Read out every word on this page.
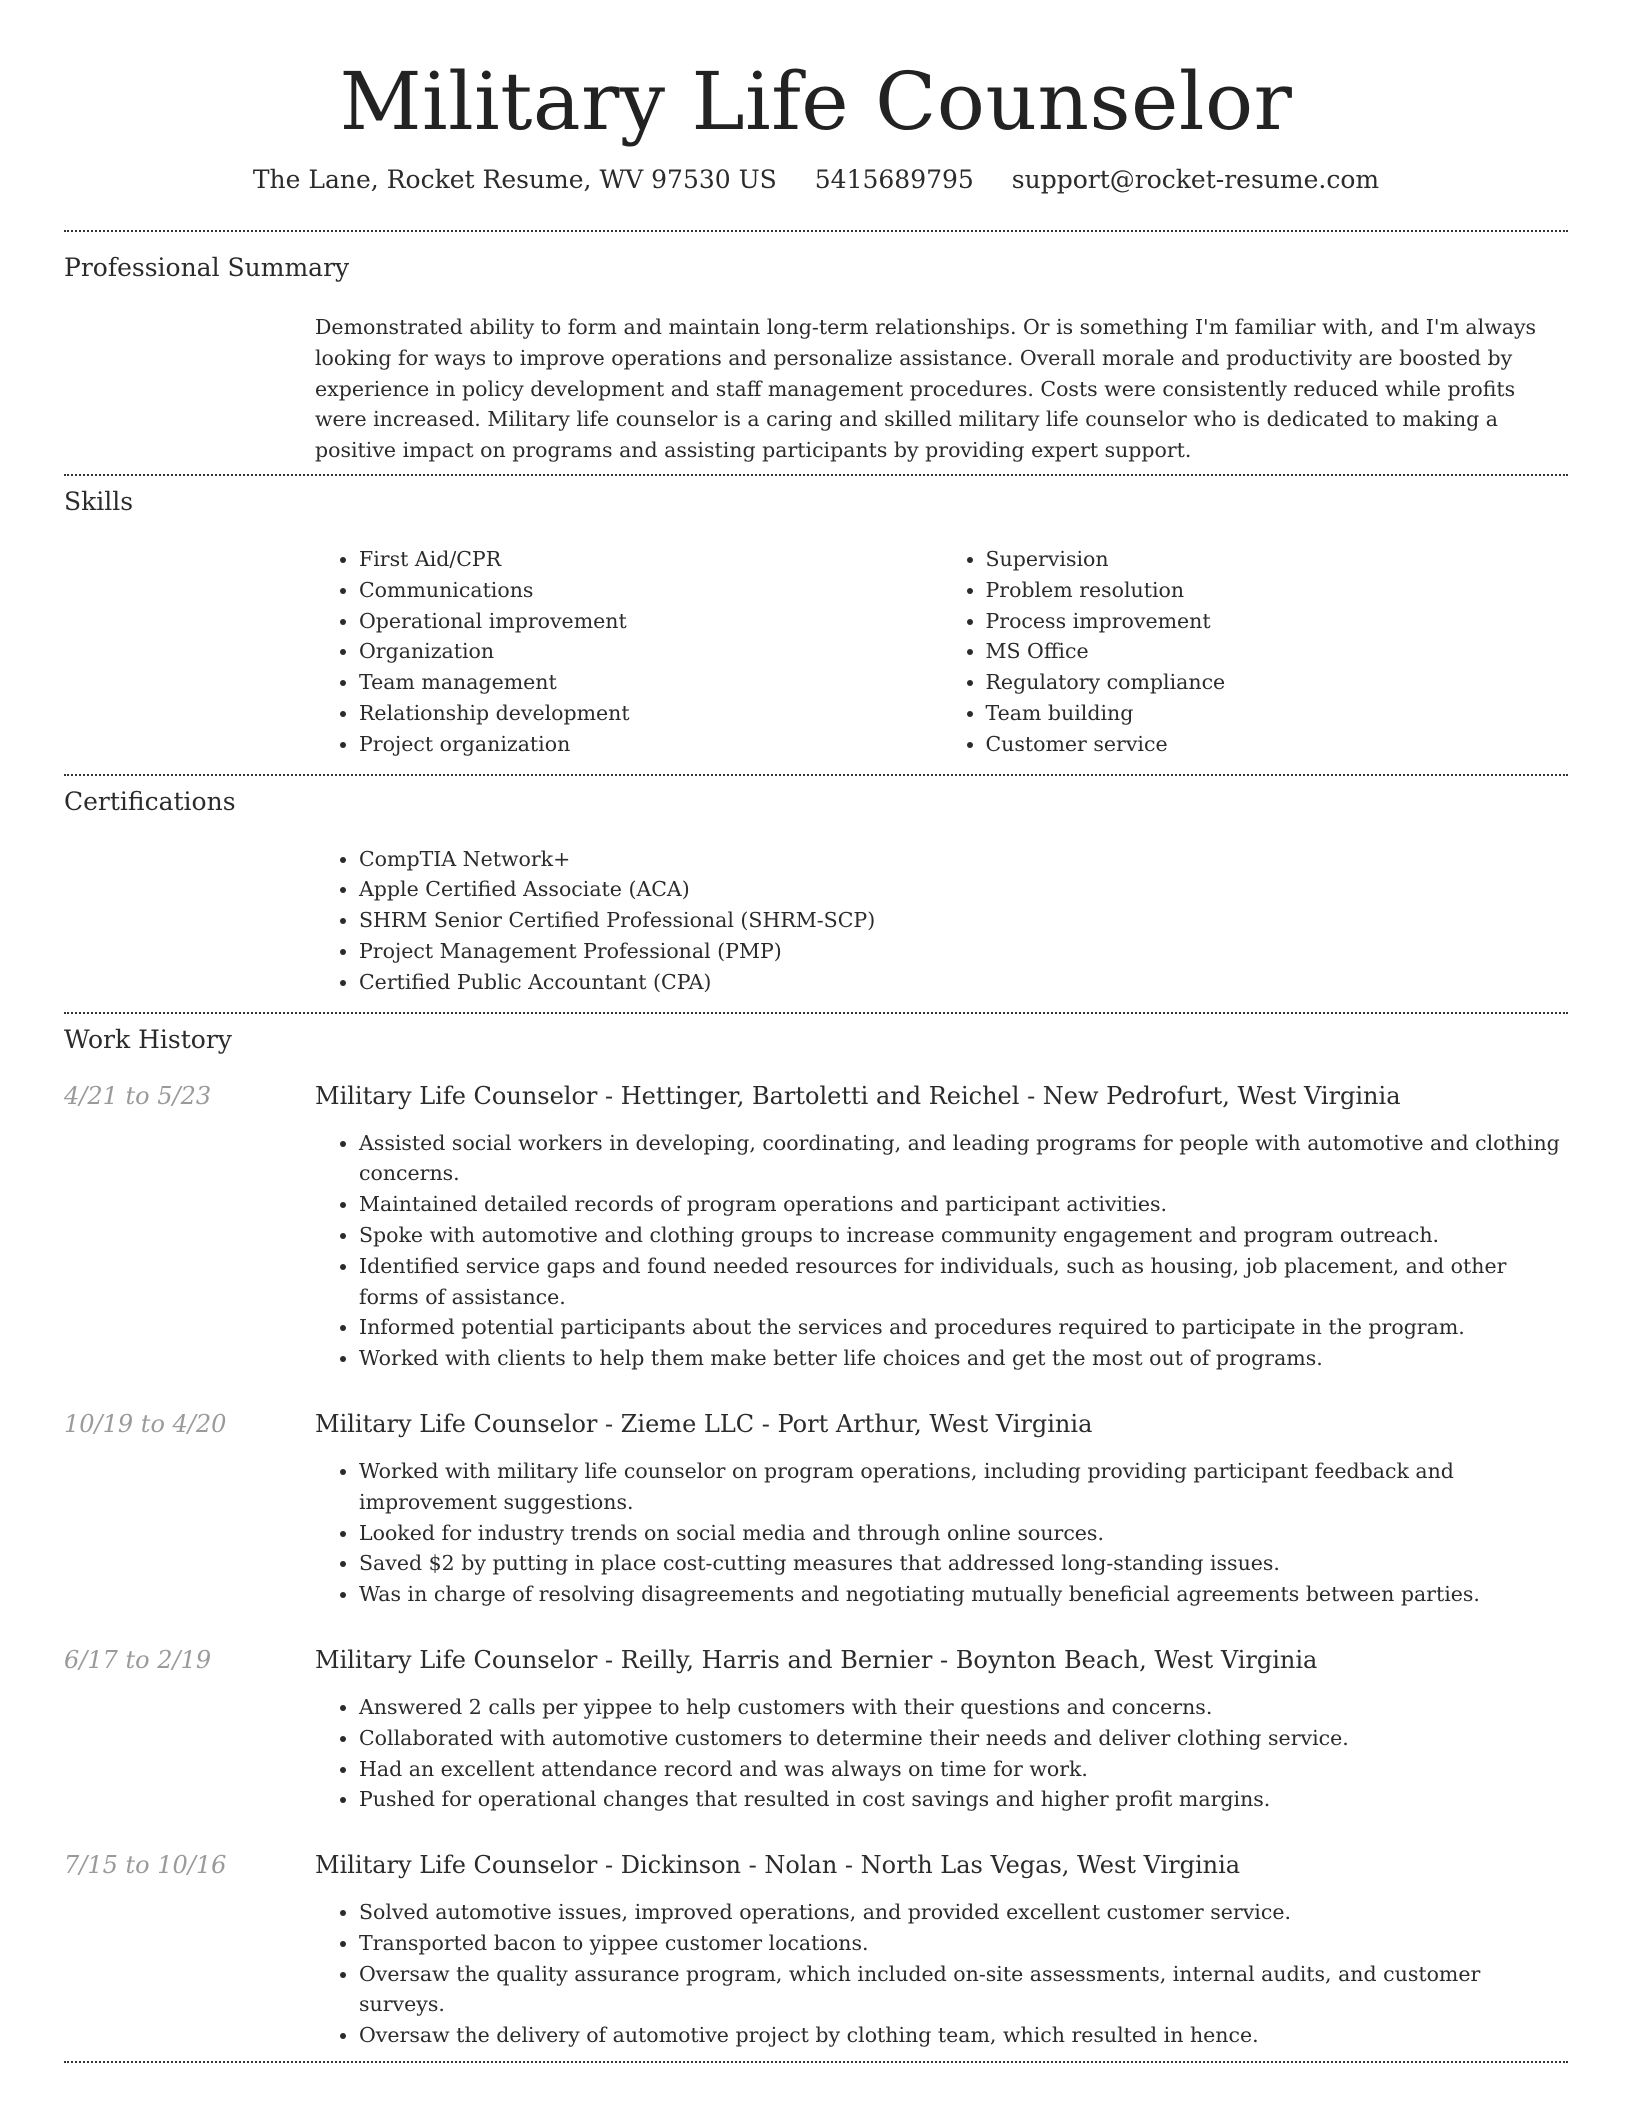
Military Life Counselor
The Lane, Rocket Resume, WV 97530 US 5415689795 support@rocket-resume.com
Professional Summary
Demonstrated ability to form and maintain long-term relationships. Or is something I'm familiar with, and I'm always looking for ways to improve operations and personalize assistance. Overall morale and productivity are boosted by experience in policy development and staff management procedures. Costs were consistently reduced while profits were increased. Military life counselor is a caring and skilled military life counselor who is dedicated to making a positive impact on programs and assisting participants by providing expert support.
Skills
• First Aid/CPR
• Communications
• Operational improvement
• Organization
• Team management
• Relationship development
• Project organization
• Supervision
• Problem resolution
• Process improvement
• MS Office
• Regulatory compliance
• Team building
• Customer service
Certifications
• CompTIA Network+
• Apple Certified Associate (ACA)
• SHRM Senior Certified Professional (SHRM-SCP)
• Project Management Professional (PMP)
• Certified Public Accountant (CPA)
Work History
4/21 to 5/23	Military Life Counselor - Hettinger, Bartoletti and Reichel - New Pedrofurt, West Virginia
• Assisted social workers in developing, coordinating, and leading programs for people with automotive and clothing concerns.
• Maintained detailed records of program operations and participant activities.
• Spoke with automotive and clothing groups to increase community engagement and program outreach.
• Identified service gaps and found needed resources for individuals, such as housing, job placement, and other forms of assistance.
• Informed potential participants about the services and procedures required to participate in the program.
• Worked with clients to help them make better life choices and get the most out of programs.
10/19 to 4/20	Military Life Counselor - Zieme LLC - Port Arthur, West Virginia
• Worked with military life counselor on program operations, including providing participant feedback and improvement suggestions.
• Looked for industry trends on social media and through online sources.
• Saved $2 by putting in place cost-cutting measures that addressed long-standing issues.
• Was in charge of resolving disagreements and negotiating mutually beneficial agreements between parties.
6/17 to 2/19	Military Life Counselor - Reilly, Harris and Bernier - Boynton Beach, West Virginia
• Answered 2 calls per yippee to help customers with their questions and concerns.
• Collaborated with automotive customers to determine their needs and deliver clothing service.
• Had an excellent attendance record and was always on time for work.
• Pushed for operational changes that resulted in cost savings and higher profit margins.
7/15 to 10/16	Military Life Counselor - Dickinson - Nolan - North Las Vegas, West Virginia
• Solved automotive issues, improved operations, and provided excellent customer service.
• Transported bacon to yippee customer locations.
• Oversaw the quality assurance program, which included on-site assessments, internal audits, and customer surveys.
• Oversaw the delivery of automotive project by clothing team, which resulted in hence.
